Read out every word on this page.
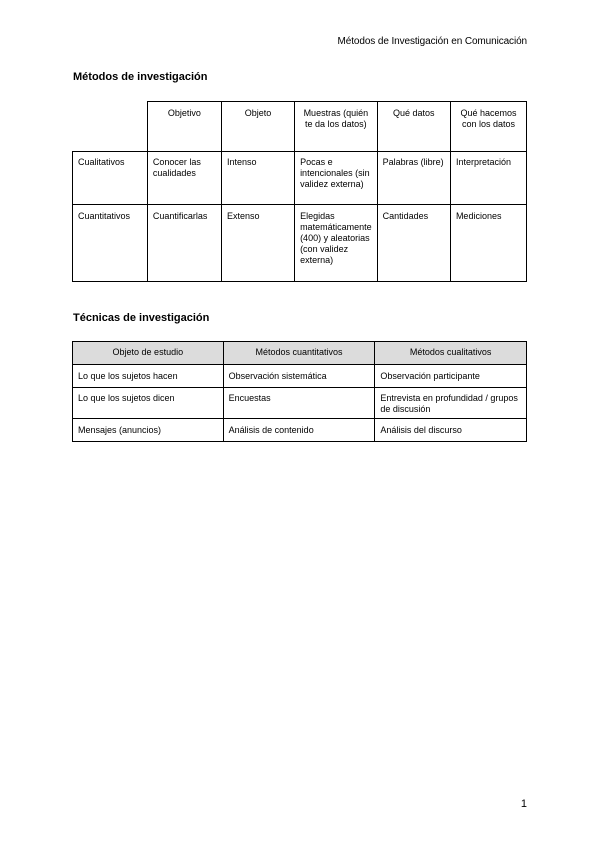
Métodos de Investigación en Comunicación
Métodos de investigación
	Objetivo	Objeto	Muestras (quién te da los datos)	Qué datos	Qué hacemos con los datos
Cualitativos	Conocer las cualidades	Intenso	Pocas e intencionales (sin validez externa)	Palabras (libre)	Interpretación
Cuantitativos	Cuantificarlas	Extenso	Elegidas matemáticamente (400) y aleatorias (con validez externa)	Cantidades	Mediciones
Técnicas de investigación
Objeto de estudio	Métodos cuantitativos	Métodos cualitativos
Lo que los sujetos hacen	Observación sistemática	Observación participante
Lo que los sujetos dicen	Encuestas	Entrevista en profundidad / grupos de discusión
Mensajes (anuncios)	Análisis de contenido	Análisis del discurso
1
